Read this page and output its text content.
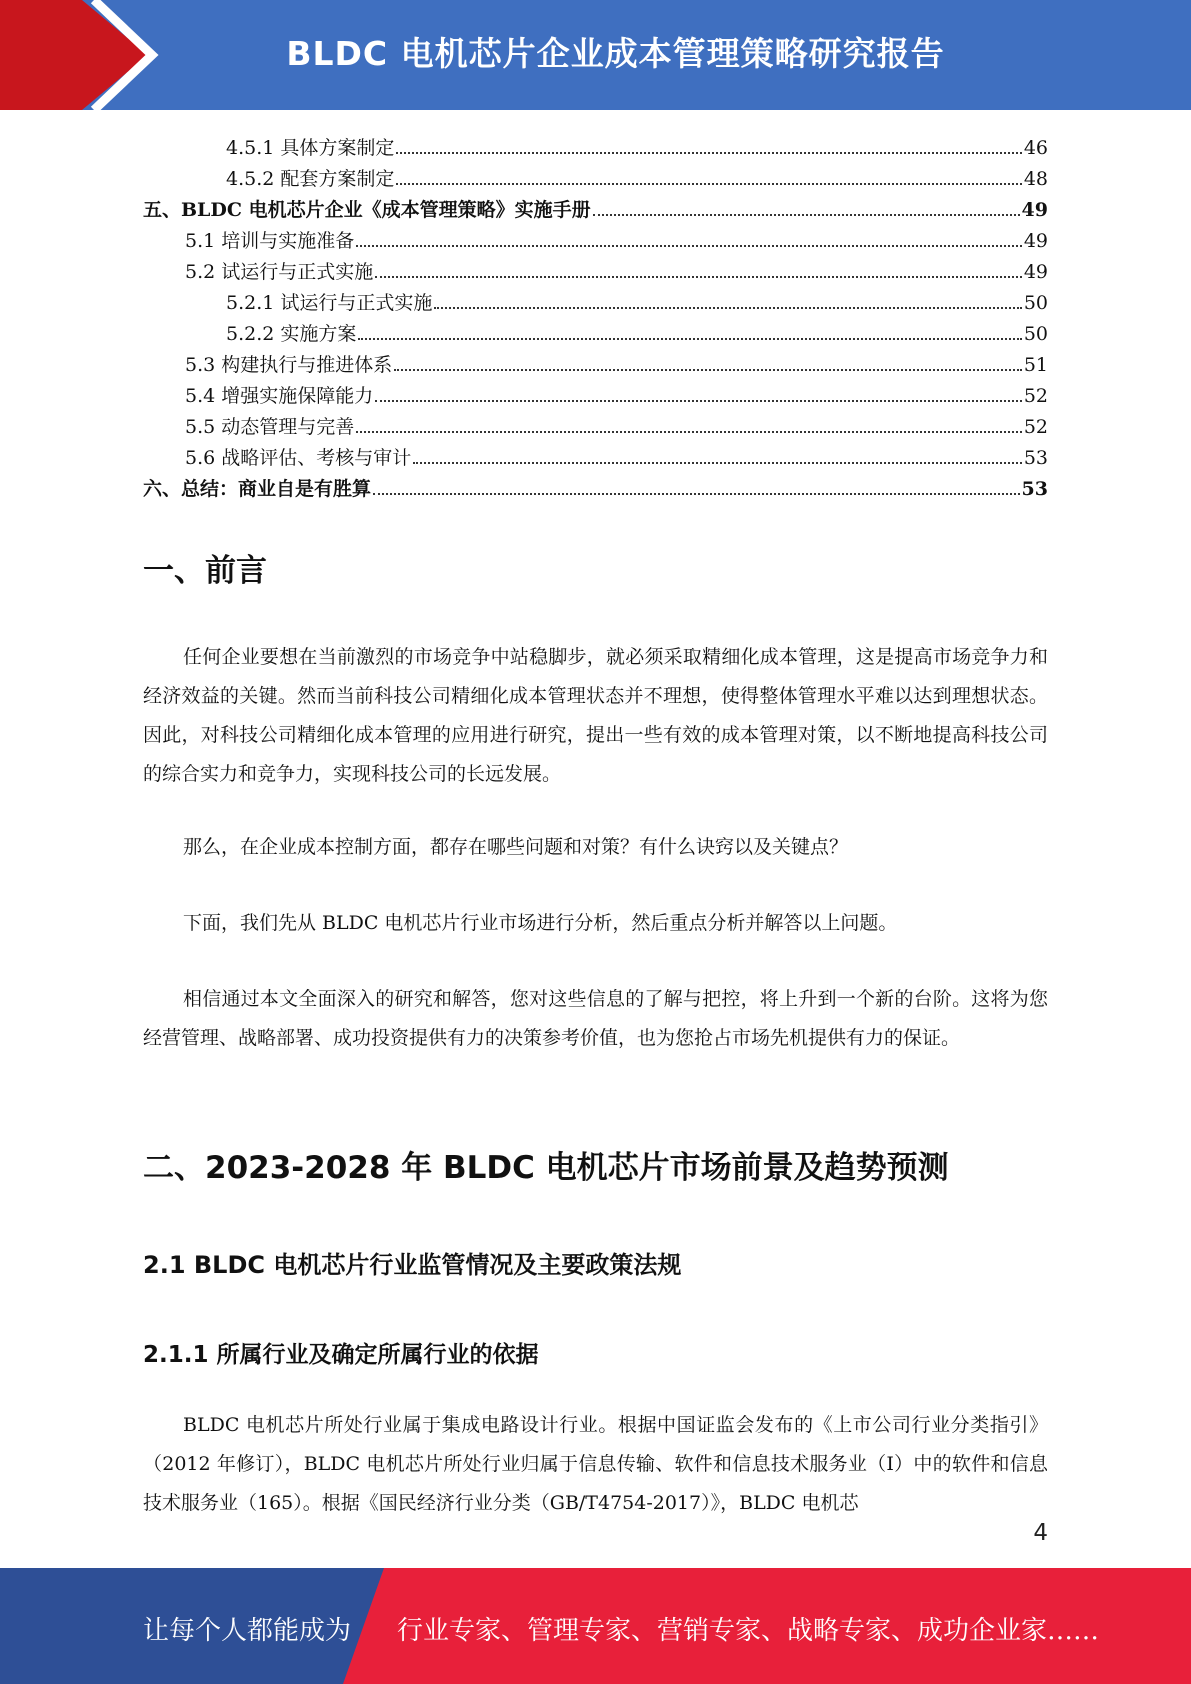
BLDC 电机芯片企业成本管理策略研究报告
4.5.1 具体方案制定	46
4.5.2 配套方案制定	48
五、BLDC 电机芯片企业《成本管理策略》实施手册	49
5.1 培训与实施准备	49
5.2 试运行与正式实施	49
5.2.1 试运行与正式实施	50
5.2.2 实施方案	50
5.3 构建执行与推进体系	51
5.4 增强实施保障能力	52
5.5 动态管理与完善	52
5.6 战略评估、考核与审计	53
六、总结：商业自是有胜算	53
一、前言

任何企业要想在当前激烈的市场竞争中站稳脚步，就必须采取精细化成本管理，这是提高市场竞争力和经济效益的关键。然而当前科技公司精细化成本管理状态并不理想，使得整体管理水平难以达到理想状态。因此，对科技公司精细化成本管理的应用进行研究，提出一些有效的成本管理对策，以不断地提高科技公司的综合实力和竞争力，实现科技公司的长远发展。

那么，在企业成本控制方面，都存在哪些问题和对策？有什么诀窍以及关键点？

下面，我们先从 BLDC 电机芯片行业市场进行分析，然后重点分析并解答以上问题。

相信通过本文全面深入的研究和解答，您对这些信息的了解与把控，将上升到一个新的台阶。这将为您经营管理、战略部署、成功投资提供有力的决策参考价值，也为您抢占市场先机提供有力的保证。

二、2023-2028 年 BLDC 电机芯片市场前景及趋势预测
2.1 BLDC 电机芯片行业监管情况及主要政策法规
2.1.1 所属行业及确定所属行业的依据

BLDC 电机芯片所处行业属于集成电路设计行业。根据中国证监会发布的《上市公司行业分类指引》（2012 年修订），BLDC 电机芯片所处行业归属于信息传输、软件和信息技术服务业（I）中的软件和信息技术服务业（165）。根据《国民经济行业分类（GB/T4754-2017）》，BLDC 电机芯

4
让每个人都能成为 行业专家、管理专家、营销专家、战略专家、成功企业家……
